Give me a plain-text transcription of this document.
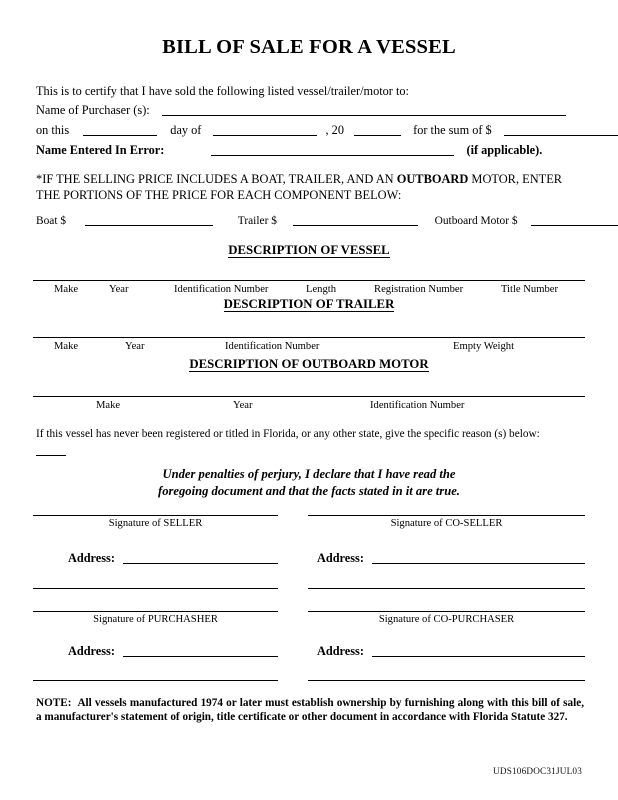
BILL OF SALE FOR A VESSEL
This is to certify that I have sold the following listed vessel/trailer/motor to:
Name of Purchaser (s):
on this	day of	, 20	for the sum of $
Name Entered In Error:	(if applicable).
*IF THE SELLING PRICE INCLUDES A BOAT, TRAILER, AND AN OUTBOARD MOTOR, ENTER THE PORTIONS OF THE PRICE FOR EACH COMPONENT BELOW:
Boat $	Trailer $	Outboard Motor $
DESCRIPTION OF VESSEL
Make	Year	Identification Number	Length	Registration Number	Title Number
DESCRIPTION OF TRAILER
Make	Year	Identification Number	Empty Weight
DESCRIPTION OF OUTBOARD MOTOR
Make	Year	Identification Number
If this vessel has never been registered or titled in Florida, or any other state, give the specific reason (s) below:
Under penalties of perjury, I declare that I have read the
foregoing document and that the facts stated in it are true.
Signature of SELLER
Address:
Signature of CO-SELLER
Address:
Signature of PURCHASHER
Address:
Signature of CO-PURCHASER
Address:
NOTE: All vessels manufactured 1974 or later must establish ownership by furnishing along with this bill of sale, a manufacturer's statement of origin, title certificate or other document in accordance with Florida Statute 327.
UDS106DOC31JUL03
